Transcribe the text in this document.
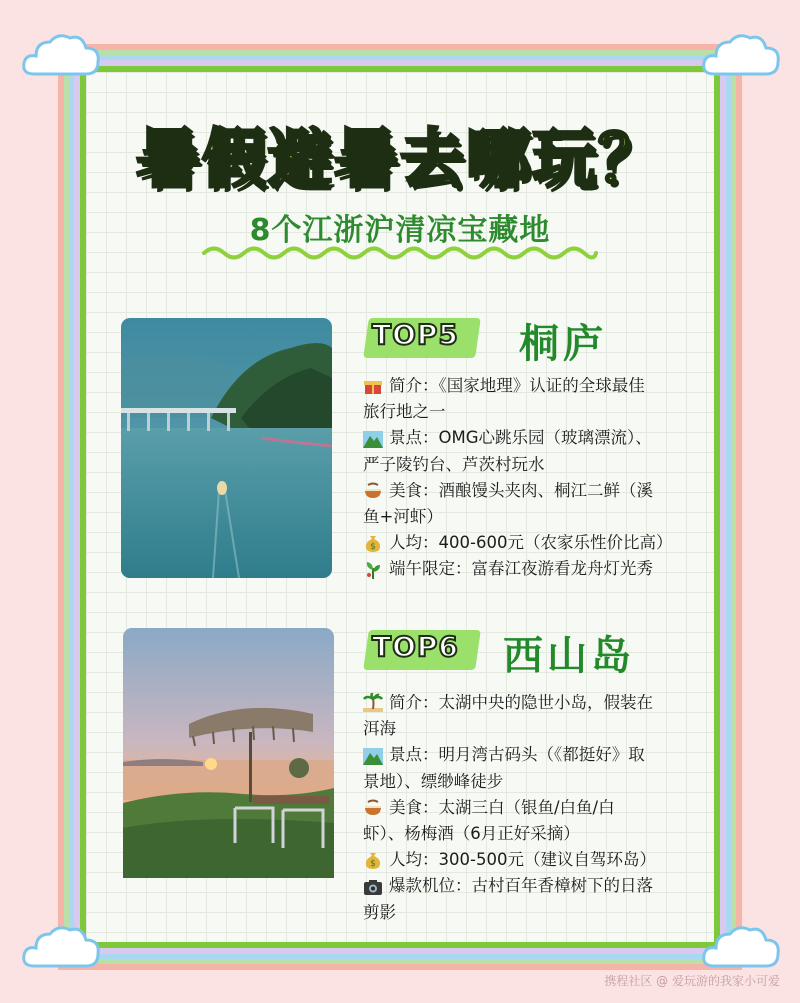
暑假避暑去哪玩？
8个江浙沪清凉宝藏地
TOP5 桐庐
简介：《国家地理》认证的全球最佳
旅行地之一
景点：OMG心跳乐园（玻璃漂流）、
严子陵钓台、芦茨村玩水
美食：酒酿馒头夹肉、桐江二鲜（溪
鱼+河虾）
$ 人均：400-600元（农家乐性价比高）
端午限定：富春江夜游看龙舟灯光秀
TOP6 西山岛
简介：太湖中央的隐世小岛，假装在
洱海
景点：明月湾古码头（《都挺好》取
景地）、缥缈峰徒步
美食：太湖三白（银鱼/白鱼/白
虾）、杨梅酒（6月正好采摘）
$ 人均：300-500元（建议自驾环岛）
爆款机位：古村百年香樟树下的日落
剪影
携程社区 @ 爱玩游的我家小可爱
